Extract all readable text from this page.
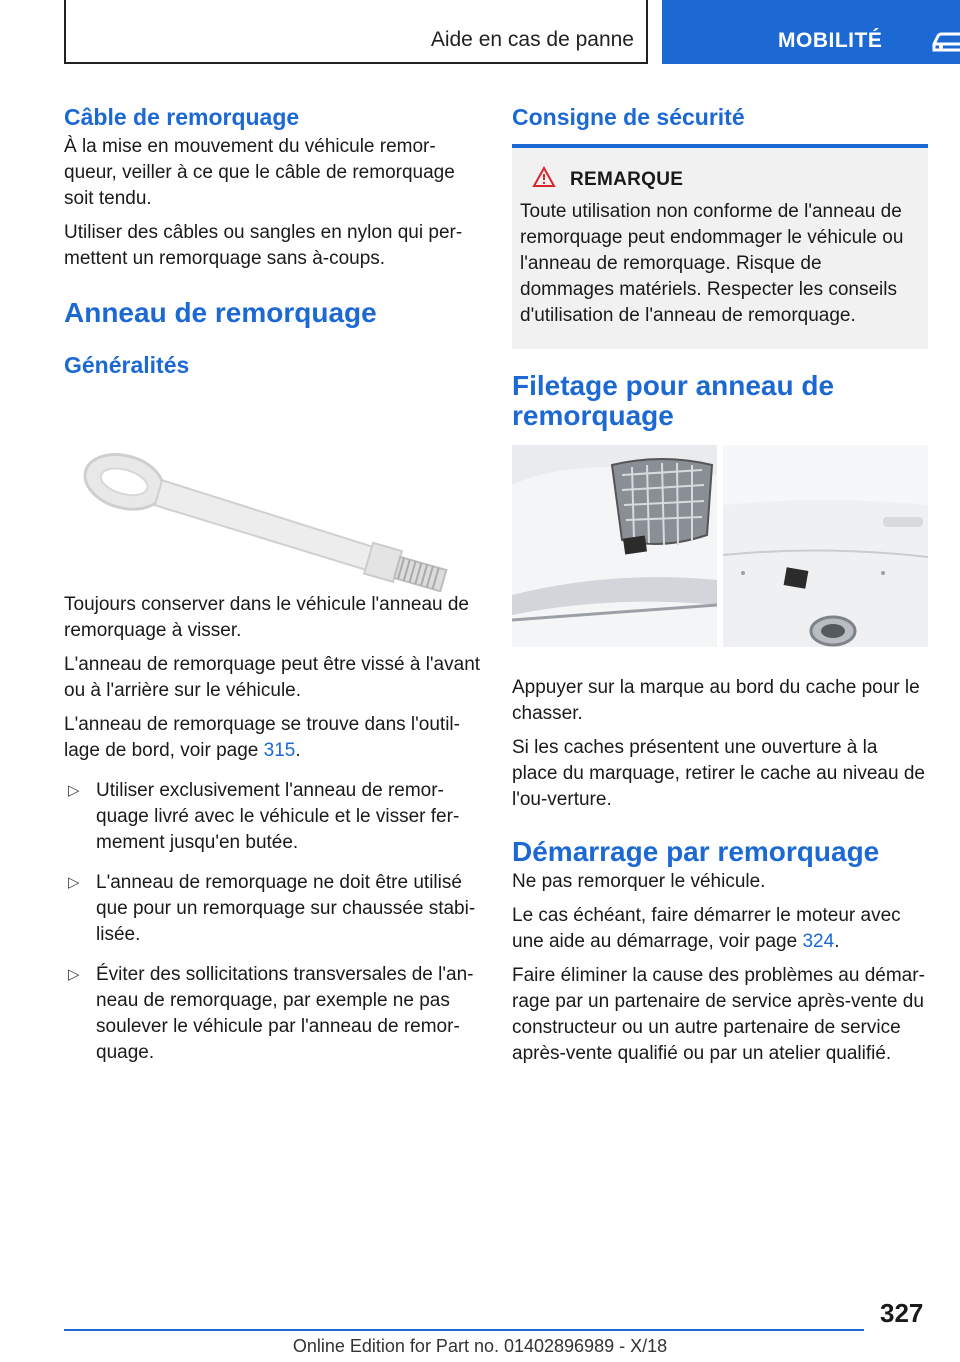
Aide en cas de panne	MOBILITÉ
Câble de remorquage

À la mise en mouvement du véhicule remor-queur, veiller à ce que le câble de remorquage soit tendu.

Utiliser des câbles ou sangles en nylon qui per-mettent un remorquage sans à-coups.

Anneau de remorquage
Généralités

Toujours conserver dans le véhicule l'anneau de remorquage à visser.

L'anneau de remorquage peut être vissé à l'avant ou à l'arrière sur le véhicule.

L'anneau de remorquage se trouve dans l'outil-lage de bord, voir page 315.

▷ Utiliser exclusivement l'anneau de remor-quage livré avec le véhicule et le visser fer-mement jusqu'en butée.
▷ L'anneau de remorquage ne doit être utilisé que pour un remorquage sur chaussée stabi-lisée.
▷ Éviter des sollicitations transversales de l'an-neau de remorquage, par exemple ne pas soulever le véhicule par l'anneau de remor-quage.
Consigne de sécurité
REMARQUE

Toute utilisation non conforme de l'anneau de remorquage peut endommager le véhicule ou l'anneau de remorquage. Risque de dommages matériels. Respecter les conseils d'utilisation de l'anneau de remorquage.

Filetage pour anneau de remorquage

Appuyer sur la marque au bord du cache pour le chasser.

Si les caches présentent une ouverture à la place du marquage, retirer le cache au niveau de l'ou-verture.

Démarrage par remorquage

Ne pas remorquer le véhicule.

Le cas échéant, faire démarrer le moteur avec une aide au démarrage, voir page 324.

Faire éliminer la cause des problèmes au démar-rage par un partenaire de service après-vente du constructeur ou un autre partenaire de service après-vente qualifié ou par un atelier qualifié.

327
Online Edition for Part no. 01402896989 - X/18
